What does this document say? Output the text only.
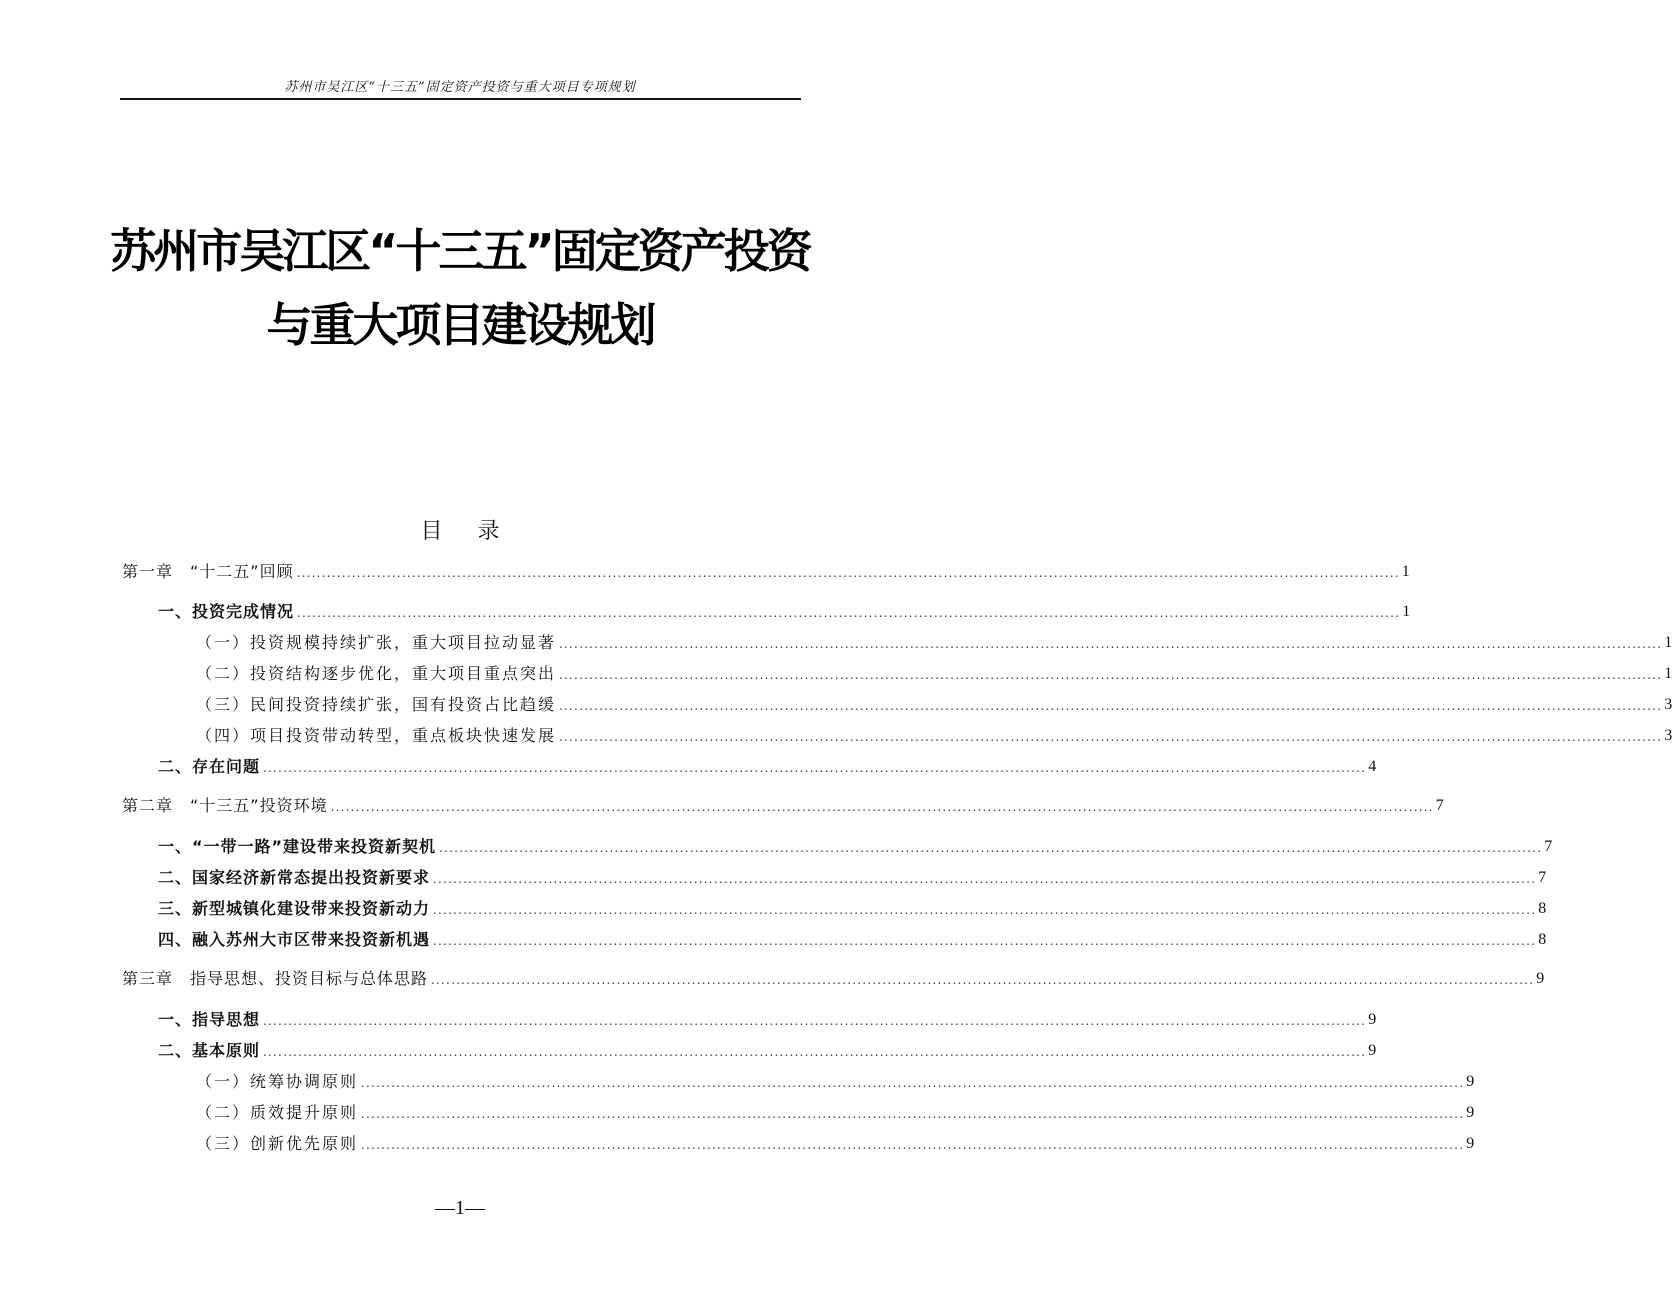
苏州市吴江区“十三五”固定资产投资与重大项目专项规划
苏州市吴江区“十三五”固定资产投资
与重大项目建设规划
目 录
第一章　“十二五”回顾 ............................................................................................................................................................................................................................ 1
一、投资完成情况 ............................................................................................................................................................................................................................ 1
（一）投资规模持续扩张，重大项目拉动显著 ............................................................................................................................................................................................................................ 1
（二）投资结构逐步优化，重大项目重点突出 ............................................................................................................................................................................................................................ 1
（三）民间投资持续扩张，国有投资占比趋缓 ............................................................................................................................................................................................................................ 3
（四）项目投资带动转型，重点板块快速发展 ............................................................................................................................................................................................................................ 3
二、存在问题 ............................................................................................................................................................................................................................ 4
第二章　“十三五”投资环境 ............................................................................................................................................................................................................................ 7
一、“一带一路”建设带来投资新契机 ............................................................................................................................................................................................................................ 7
二、国家经济新常态提出投资新要求 ............................................................................................................................................................................................................................ 7
三、新型城镇化建设带来投资新动力 ............................................................................................................................................................................................................................ 8
四、融入苏州大市区带来投资新机遇 ............................................................................................................................................................................................................................ 8
第三章　指导思想、投资目标与总体思路 ............................................................................................................................................................................................................................ 9
一、指导思想 ............................................................................................................................................................................................................................ 9
二、基本原则 ............................................................................................................................................................................................................................ 9
（一）统筹协调原则 ............................................................................................................................................................................................................................ 9
（二）质效提升原则 ............................................................................................................................................................................................................................ 9
（三）创新优先原则 ............................................................................................................................................................................................................................ 9
—1—
